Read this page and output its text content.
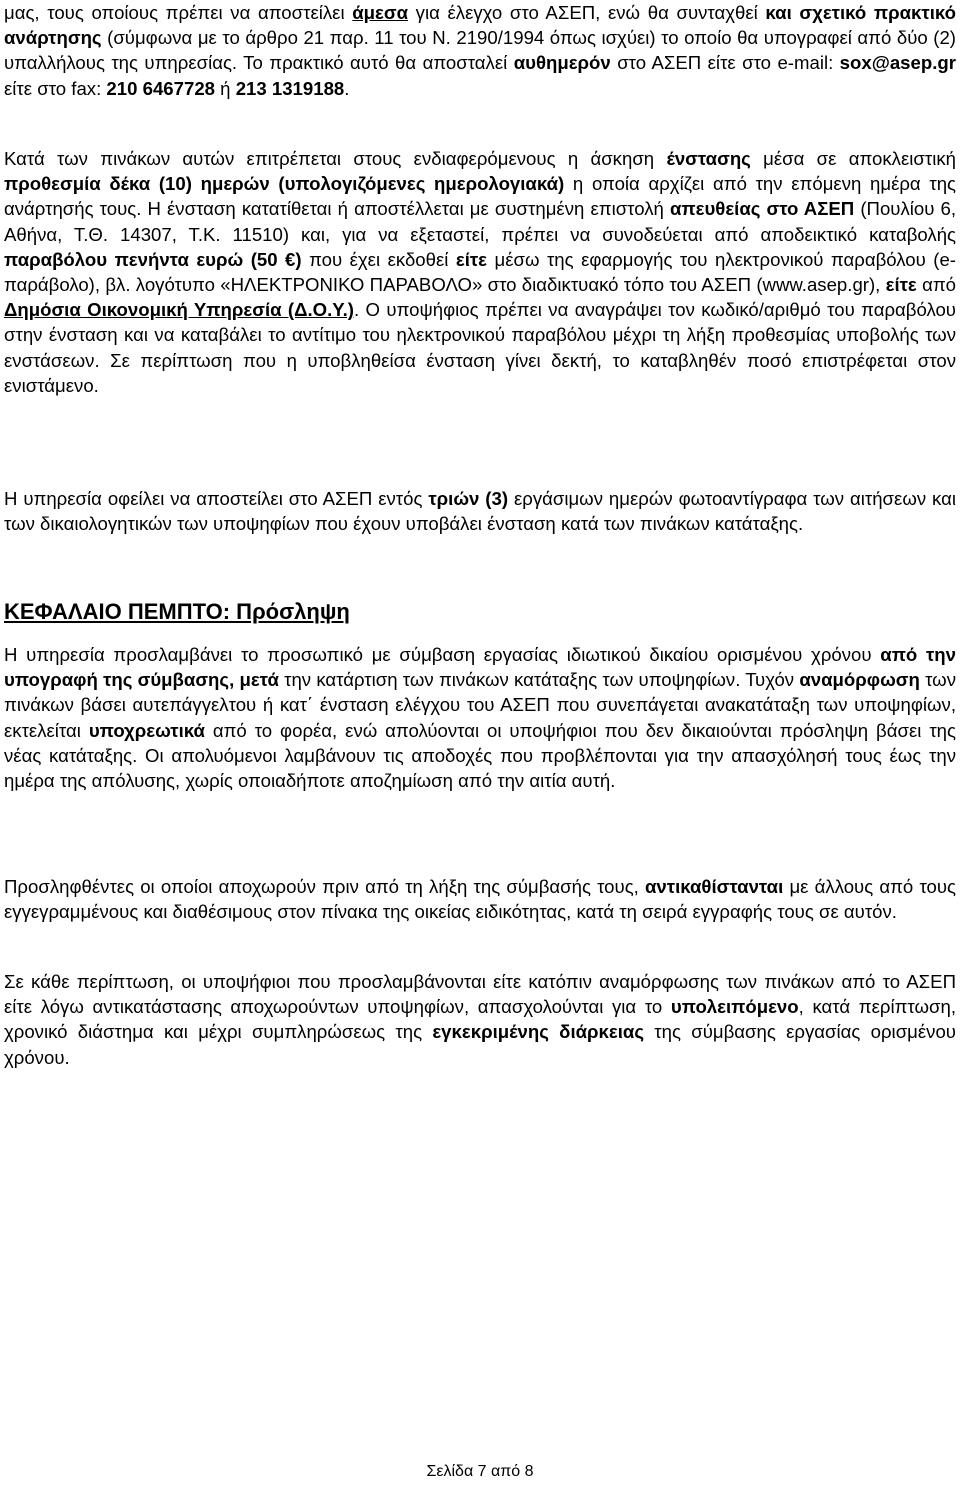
μας, τους οποίους πρέπει να αποστείλει άμεσα για έλεγχο στο ΑΣΕΠ, ενώ θα συνταχθεί και σχετικό πρακτικό ανάρτησης (σύμφωνα με το άρθρο 21 παρ. 11 του Ν. 2190/1994 όπως ισχύει) το οποίο θα υπογραφεί από δύο (2) υπαλλήλους της υπηρεσίας. Το πρακτικό αυτό θα αποσταλεί αυθημερόν στο ΑΣΕΠ είτε στο e-mail: sox@asep.gr είτε στο fax: 210 6467728 ή 213 1319188.

Κατά των πινάκων αυτών επιτρέπεται στους ενδιαφερόμενους η άσκηση ένστασης μέσα σε αποκλειστική προθεσμία δέκα (10) ημερών (υπολογιζόμενες ημερολογιακά) η οποία αρχίζει από την επόμενη ημέρα της ανάρτησής τους. Η ένσταση κατατίθεται ή αποστέλλεται με συστημένη επιστολή απευθείας στο ΑΣΕΠ (Πουλίου 6, Αθήνα, Τ.Θ. 14307, Τ.Κ. 11510) και, για να εξεταστεί, πρέπει να συνοδεύεται από αποδεικτικό καταβολής παραβόλου πενήντα ευρώ (50 €) που έχει εκδοθεί είτε μέσω της εφαρμογής του ηλεκτρονικού παραβόλου (e-παράβολο), βλ. λογότυπο «ΗΛΕΚΤΡΟΝΙΚΟ ΠΑΡΑΒΟΛΟ» στο διαδικτυακό τόπο του ΑΣΕΠ (www.asep.gr), είτε από Δημόσια Οικονομική Υπηρεσία (Δ.Ο.Υ.). Ο υποψήφιος πρέπει να αναγράψει τον κωδικό/αριθμό του παραβόλου στην ένσταση και να καταβάλει το αντίτιμο του ηλεκτρονικού παραβόλου μέχρι τη λήξη προθεσμίας υποβολής των ενστάσεων. Σε περίπτωση που η υποβληθείσα ένσταση γίνει δεκτή, το καταβληθέν ποσό επιστρέφεται στον ενιστάμενο.

Η υπηρεσία οφείλει να αποστείλει στο ΑΣΕΠ εντός τριών (3) εργάσιμων ημερών φωτοαντίγραφα των αιτήσεων και των δικαιολογητικών των υποψηφίων που έχουν υποβάλει ένσταση κατά των πινάκων κατάταξης.

ΚΕΦΑΛΑΙΟ ΠΕΜΠΤΟ: Πρόσληψη

Η υπηρεσία προσλαμβάνει το προσωπικό με σύμβαση εργασίας ιδιωτικού δικαίου ορισμένου χρόνου από την υπογραφή της σύμβασης, μετά την κατάρτιση των πινάκων κατάταξης των υποψηφίων. Τυχόν αναμόρφωση των πινάκων βάσει αυτεπάγγελτου ή κατ΄ ένσταση ελέγχου του ΑΣΕΠ που συνεπάγεται ανακατάταξη των υποψηφίων, εκτελείται υποχρεωτικά από το φορέα, ενώ απολύονται οι υποψήφιοι που δεν δικαιούνται πρόσληψη βάσει της νέας κατάταξης. Οι απολυόμενοι λαμβάνουν τις αποδοχές που προβλέπονται για την απασχόλησή τους έως την ημέρα της απόλυσης, χωρίς οποιαδήποτε αποζημίωση από την αιτία αυτή.

Προσληφθέντες οι οποίοι αποχωρούν πριν από τη λήξη της σύμβασής τους, αντικαθίστανται με άλλους από τους εγγεγραμμένους και διαθέσιμους στον πίνακα της οικείας ειδικότητας, κατά τη σειρά εγγραφής τους σε αυτόν.

Σε κάθε περίπτωση, οι υποψήφιοι που προσλαμβάνονται είτε κατόπιν αναμόρφωσης των πινάκων από το ΑΣΕΠ είτε λόγω αντικατάστασης αποχωρούντων υποψηφίων, απασχολούνται για το υπολειπόμενο, κατά περίπτωση, χρονικό διάστημα και μέχρι συμπληρώσεως της εγκεκριμένης διάρκειας της σύμβασης εργασίας ορισμένου χρόνου.

Σελίδα 7 από 8
